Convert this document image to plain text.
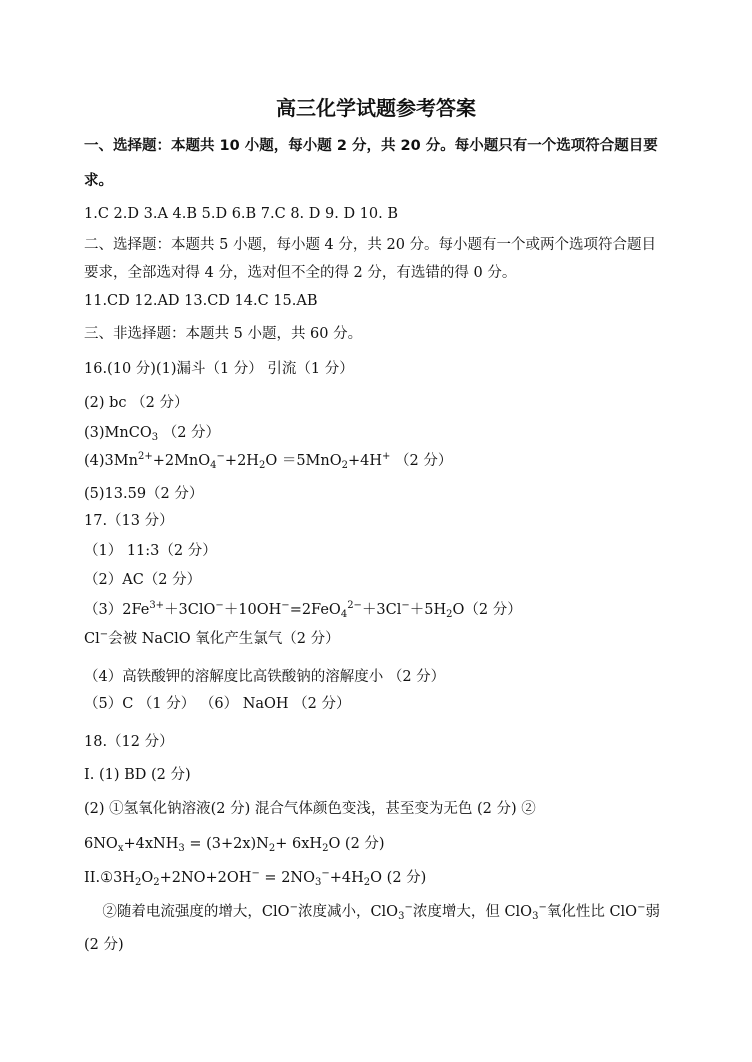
高三化学试题参考答案
一、选择题：本题共 10 小题，每小题 2 分，共 20 分。每小题只有一个选项符合题目要
求。
1.C 2.D 3.A 4.B 5.D 6.B 7.C 8. D 9. D 10. B
二、选择题：本题共 5 小题，每小题 4 分，共 20 分。每小题有一个或两个选项符合题目
要求，全部选对得 4 分，选对但不全的得 2 分，有选错的得 0 分。
11.CD 12.AD 13.CD 14.C 15.AB
三、非选择题：本题共 5 小题，共 60 分。
16.(10 分)(1)漏斗（1 分） 引流（1 分）
(2) bc （2 分）
(3)MnCO$_3$ （2 分）
$(4)3Mn^{2+}+2MnO_4^-+2H_2O =5MnO_2+4H^+$ （2 分）
(5)13.59（2 分）
17.（13 分）
（1） 11:3（2 分）
（2）AC（2 分）
$(3)2Fe^{3+}+3ClO^-+10OH^-=2FeO_4^{2-}+3Cl^-+5H_2O(2$ 分）
Cl−会被 NaClO 氧化产生氯气（2 分）
（4）高铁酸钾的溶解度比高铁酸钠的溶解度小 （2 分）
（5）C （1 分） （6） NaOH （2 分）
18.（12 分）
I. (1) BD (2 分)
(2) ①氢氧化钠溶液(2 分) 混合气体颜色变浅，甚至变为无色 (2 分) ②
$6NO_x+4xNH_3 = (3+2x)N_2+ 6xH_2O$ (2 分)
$II.①3H_2O_2+2NO+2OH^- = 2NO_3^-+4H_2O$ (2 分)
②随着电流强度的增大，ClO−浓度减小，ClO$_3$−浓度增大，但 ClO$_3$−氧化性比 ClO−弱
(2 分)
